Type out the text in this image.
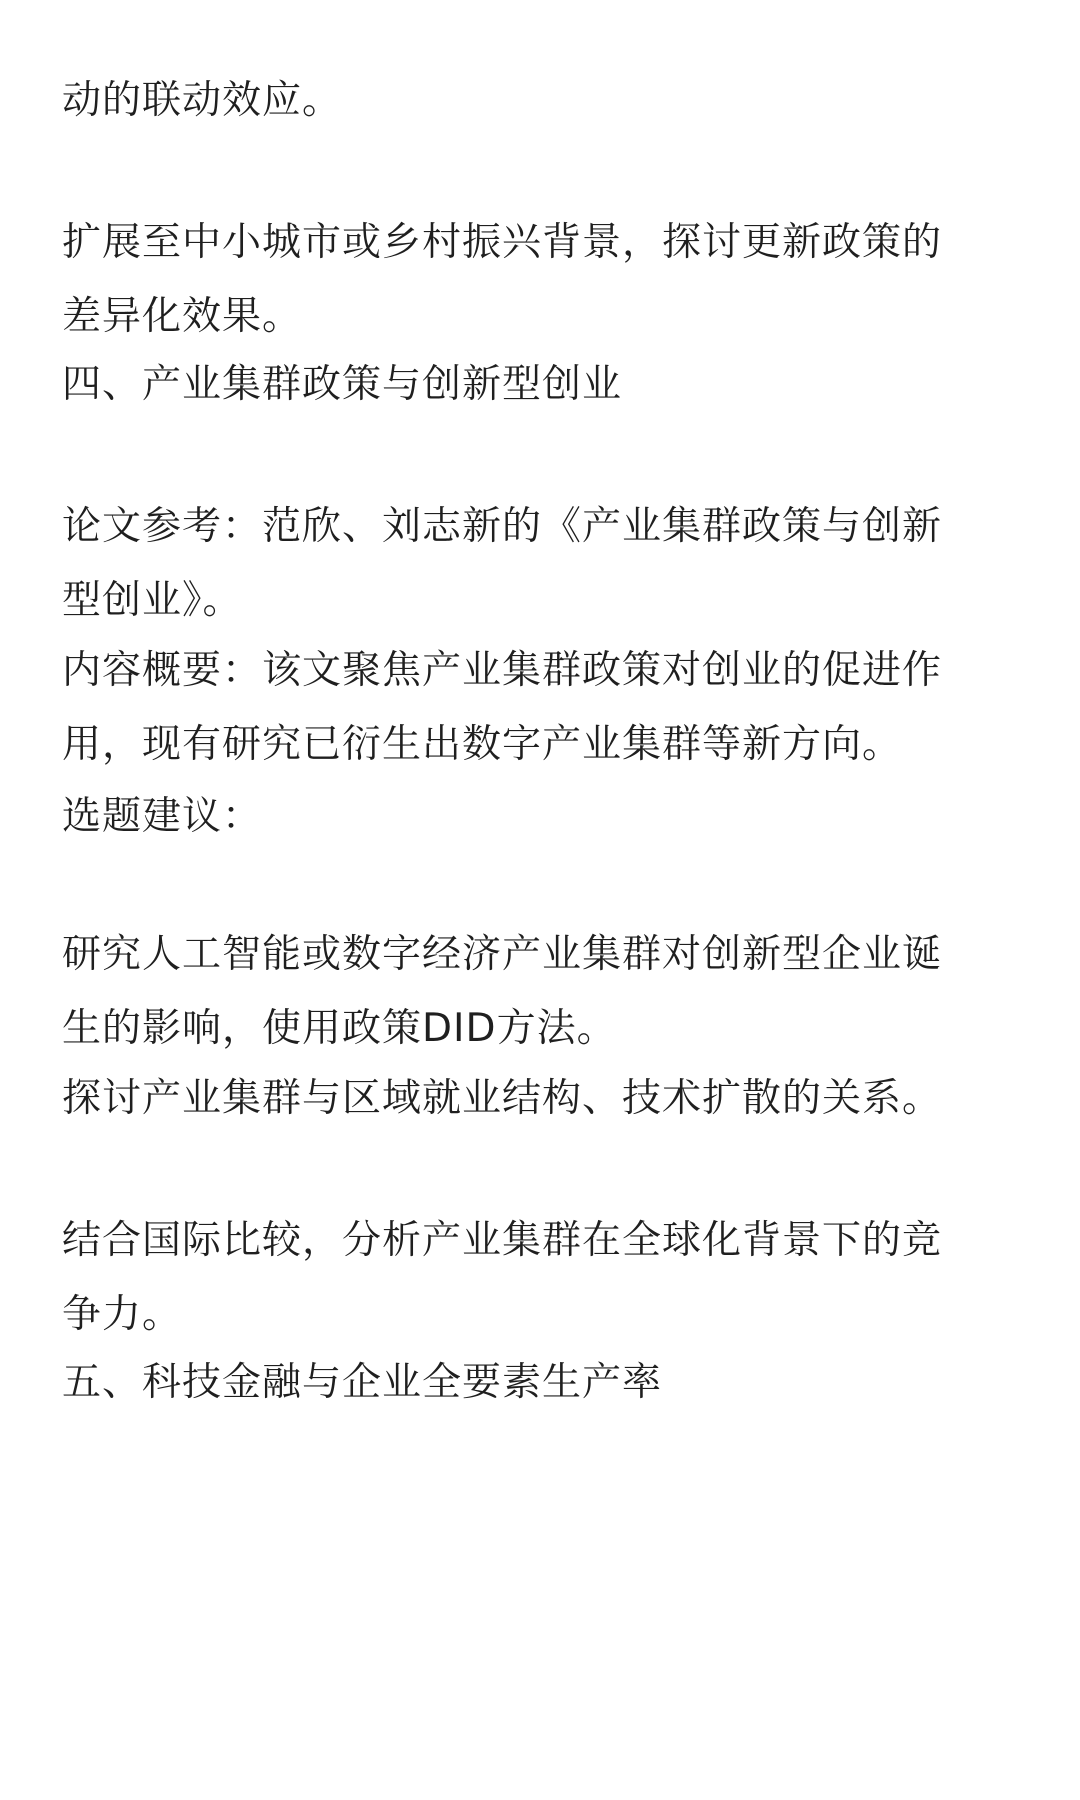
动的联动效应。

扩展至中小城市或乡村振兴背景，探讨更新政策的
差异化效果。

四、产业集群政策与创新型创业

论文参考：范欣、刘志新的《产业集群政策与创新
型创业》。

内容概要：该文聚焦产业集群政策对创业的促进作
用，现有研究已衍生出数字产业集群等新方向。

选题建议：

研究人工智能或数字经济产业集群对创新型企业诞
生的影响，使用政策DID方法。

探讨产业集群与区域就业结构、技术扩散的关系。

结合国际比较，分析产业集群在全球化背景下的竞
争力。

五、科技金融与企业全要素生产率
